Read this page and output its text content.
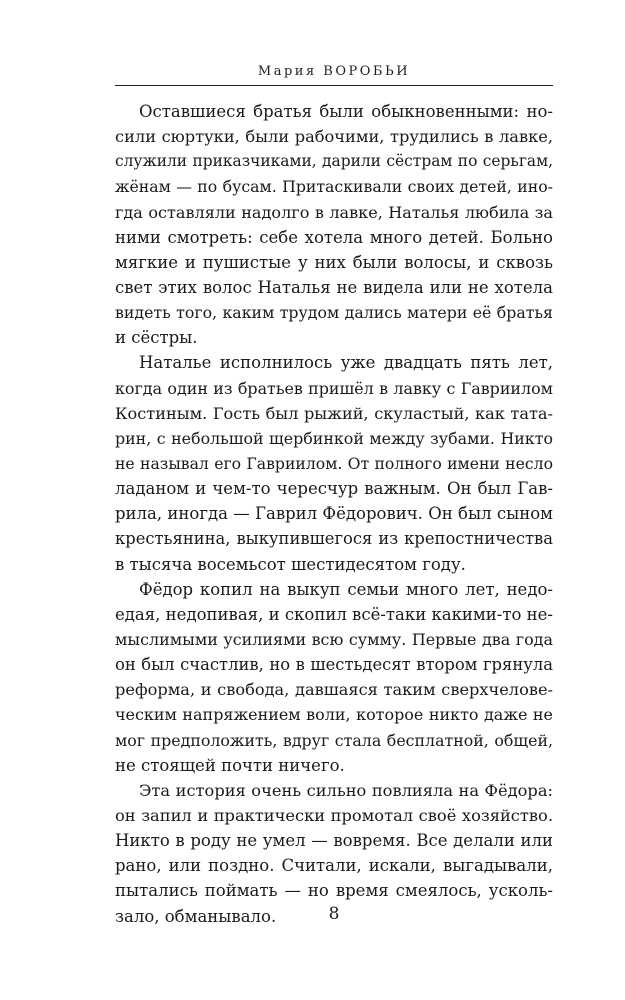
Мария ВОРОБЬИ
Оставшиеся братья были обыкновенными: но-
сили сюртуки, были рабочими, трудились в лавке,
служили приказчиками, дарили сёстрам по серьгам,
жёнам — по бусам. Притаскивали своих детей, ино-
гда оставляли надолго в лавке, Наталья любила за
ними смотреть: себе хотела много детей. Больно
мягкие и пушистые у них были волосы, и сквозь
свет этих волос Наталья не видела или не хотела
видеть того, каким трудом дались матери её братья
и сёстры.
Наталье исполнилось уже двадцать пять лет,
когда один из братьев пришёл в лавку с Гавриилом
Костиным. Гость был рыжий, скуластый, как тата-
рин, с небольшой щербинкой между зубами. Никто
не называл его Гавриилом. От полного имени несло
ладаном и чем-то чересчур важным. Он был Гав-
рила, иногда — Гаврил Фёдорович. Он был сыном
крестьянина, выкупившегося из крепостничества
в тысяча восемьсот шестидесятом году.
Фёдор копил на выкуп семьи много лет, недо-
едая, недопивая, и скопил всё-таки какими-то не-
мыслимыми усилиями всю сумму. Первые два года
он был счастлив, но в шестьдесят втором грянула
реформа, и свобода, давшаяся таким сверхчеловe-
ческим напряжением воли, которое никто даже не
мог предположить, вдруг стала бесплатной, общей,
не стоящей почти ничего.
Эта история очень сильно повлияла на Фёдора:
он запил и практически промотал своё хозяйство.
Никто в роду не умел — вовремя. Все делали или
рано, или поздно. Считали, искали, выгадывали,
пытались поймать — но время смеялось, усколь-
зало, обманывало.	8
